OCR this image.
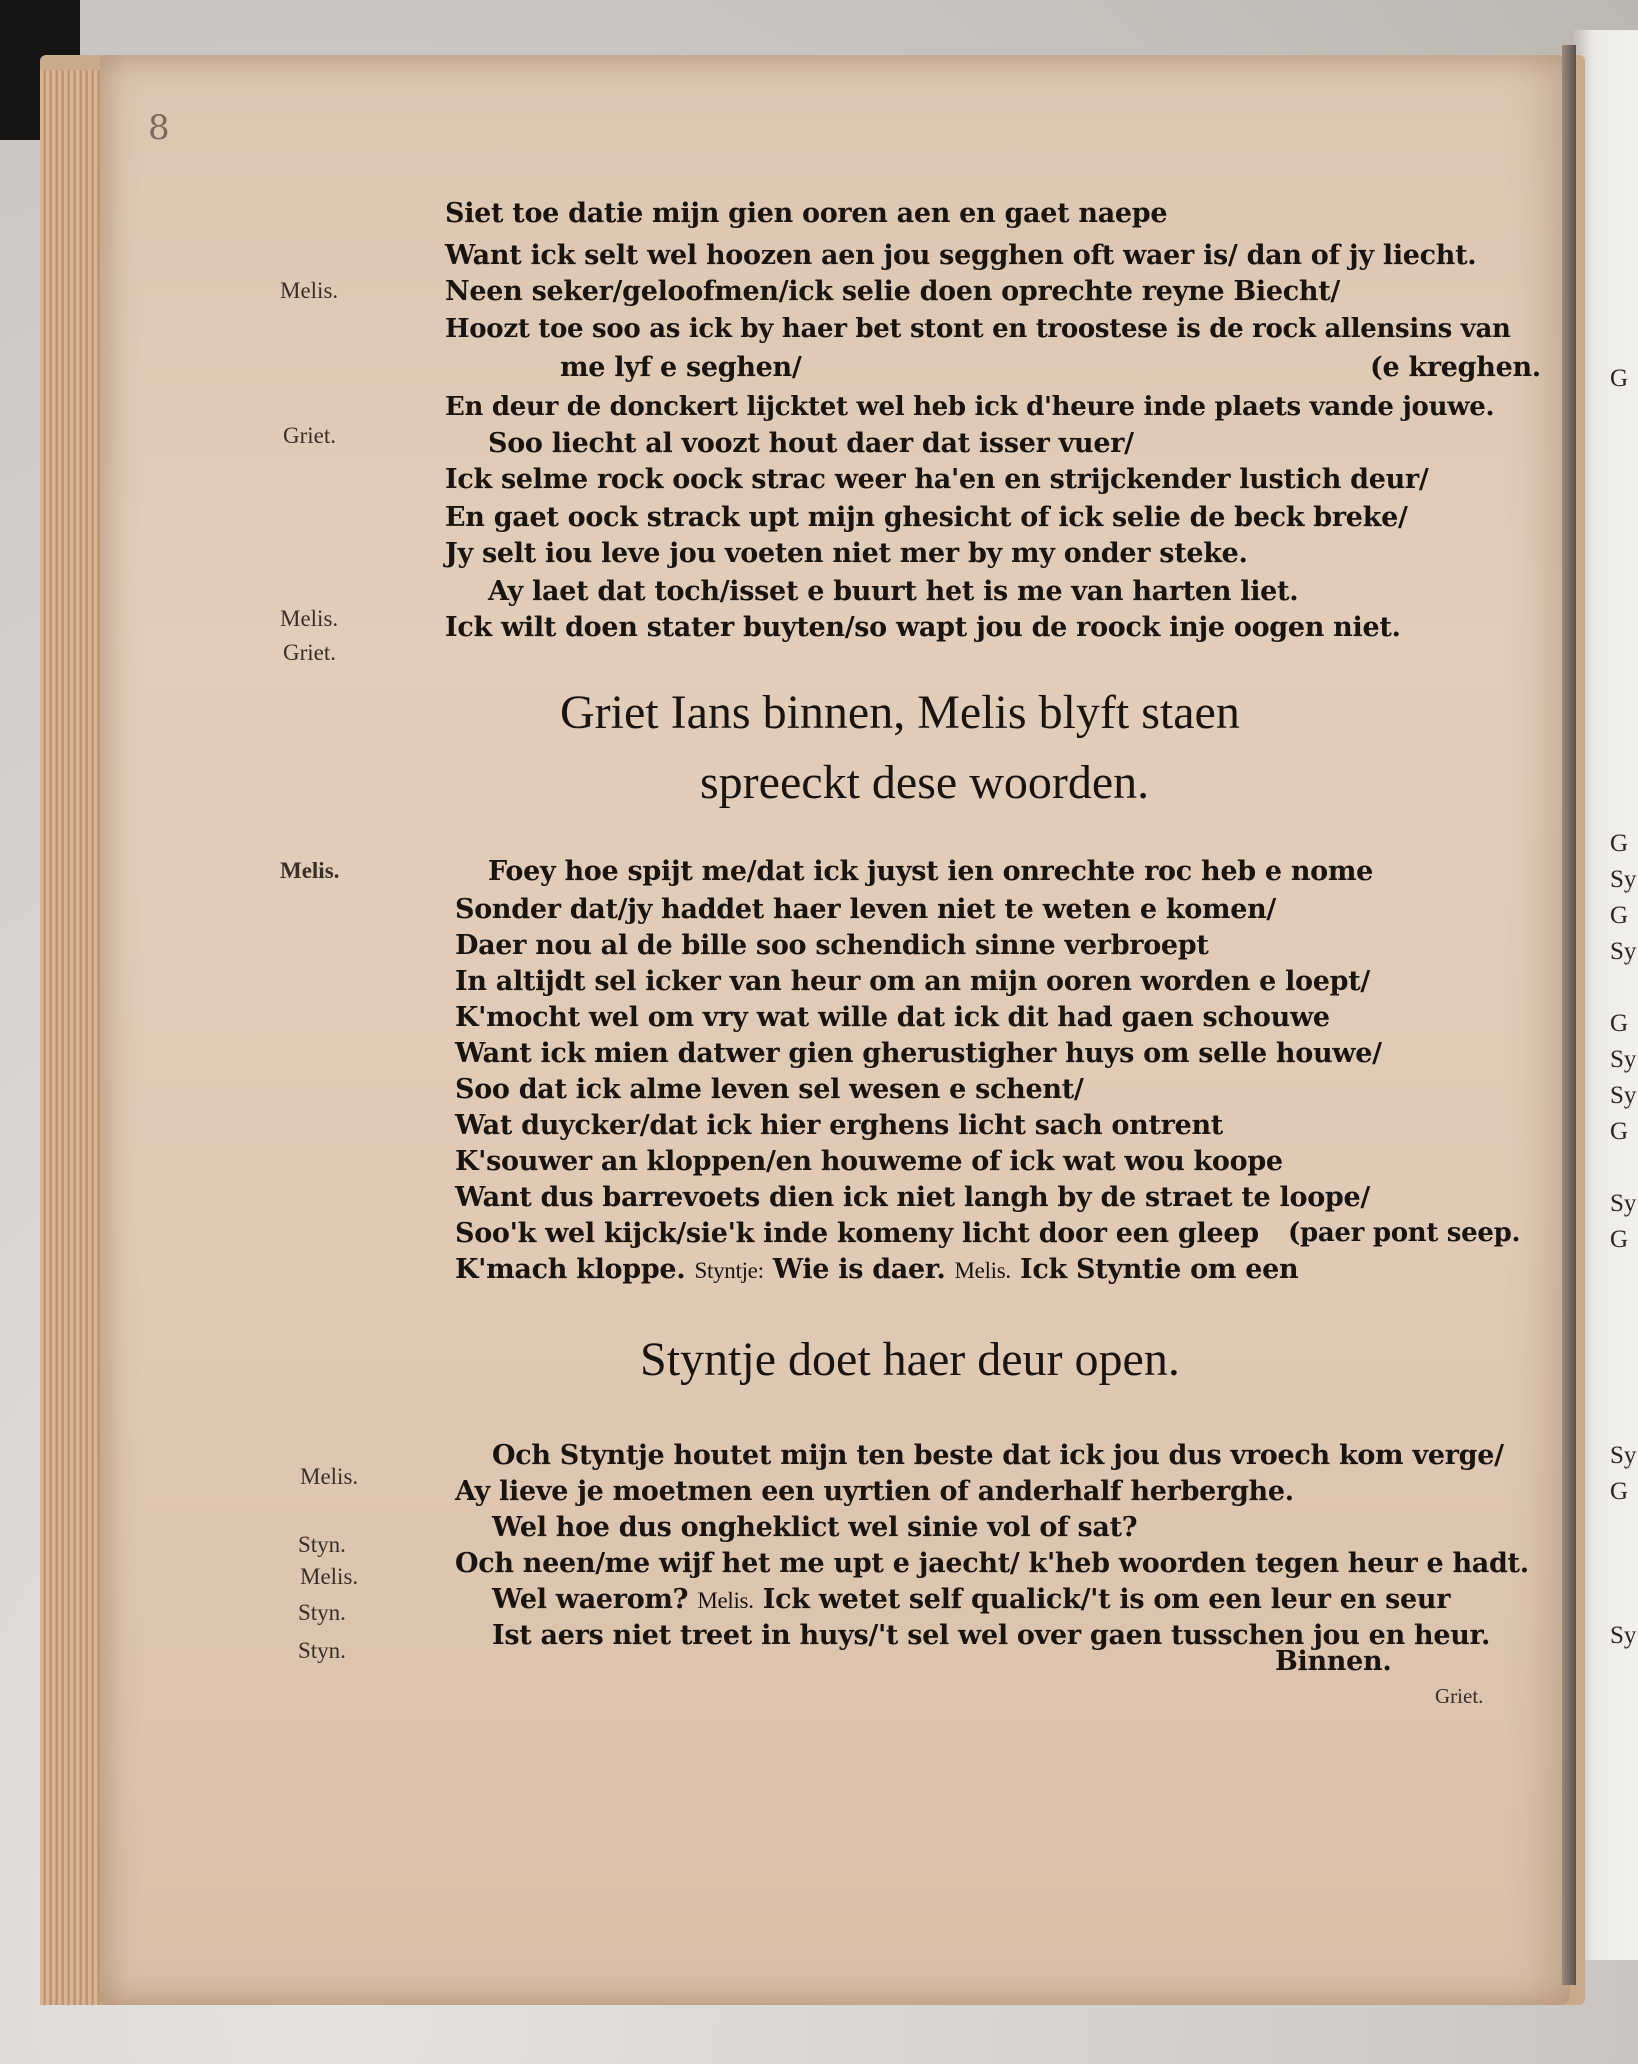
8
Siet toe datie mijn gien ooren aen en gaet naepe
Want ick selt wel hoozen aen jou segghen oft waer is/ dan of jy liecht.
Neen seker/geloofmen/ick selie doen oprechte reyne Biecht/
Hoozt toe soo as ick by haer bet stont en troostese is de rock allensins van
me lyf e seghen/	(e kreghen.
En deur de donckert lijcktet wel heb ick d'heure inde plaets vande jouwe.
Soo liecht al voozt hout daer dat isser vuer/
Ick selme rock oock strac weer ha'en en strijckender lustich deur/
En gaet oock strack upt mijn ghesicht of ick selie de beck breke/
Jy selt iou leve jou voeten niet mer by my onder steke.
Ay laet dat toch/isset e buurt het is me van harten liet.
Ick wilt doen stater buyten/so wapt jou de roock inje oogen niet.
Melis.
Griet.
Melis.
Griet.
Griet Ians binnen, Melis blyft staen
spreeckt dese woorden.
Melis.	Foey hoe spijt me/dat ick juyst ien onrechte roc heb e nome
Sonder dat/jy haddet haer leven niet te weten e komen/
Daer nou al de bille soo schendich sinne verbroept
In altijdt sel icker van heur om an mijn ooren worden e loept/
K'mocht wel om vry wat wille dat ick dit had gaen schouwe
Want ick mien datwer gien gherustigher huys om selle houwe/
Soo dat ick alme leven sel wesen e schent/
Wat duycker/dat ick hier erghens licht sach ontrent
K'souwer an kloppen/en houweme of ick wat wou koope
Want dus barrevoets dien ick niet langh by de straet te loope/
Soo'k wel kijck/sie'k inde komeny licht door een gleep (paer pont seep.
K'mach kloppe. Styntje: Wie is daer. Melis. Ick Styntie om een
Styntje doet haer deur open.
Och Styntje houtet mijn ten beste dat ick jou dus vroech kom verge/
Ay lieve je moetmen een uyrtien of anderhalf herberghe.
Wel hoe dus ongheklict wel sinie vol of sat?
Och neen/me wijf het me upt e jaecht/ k'heb woorden tegen heur e hadt.
Wel waerom? Melis. Ick wetet self qualick/'t is om een leur en seur
Ist aers niet treet in huys/'t sel wel over gaen tusschen jou en heur.
Binnen.
Griet.
Melis.
Styn.
Melis.
Styn.
Styn.
G
G
Sy
G
Sy
G
Sy
Sy
G
Sy
G
Sy
G
Sy
